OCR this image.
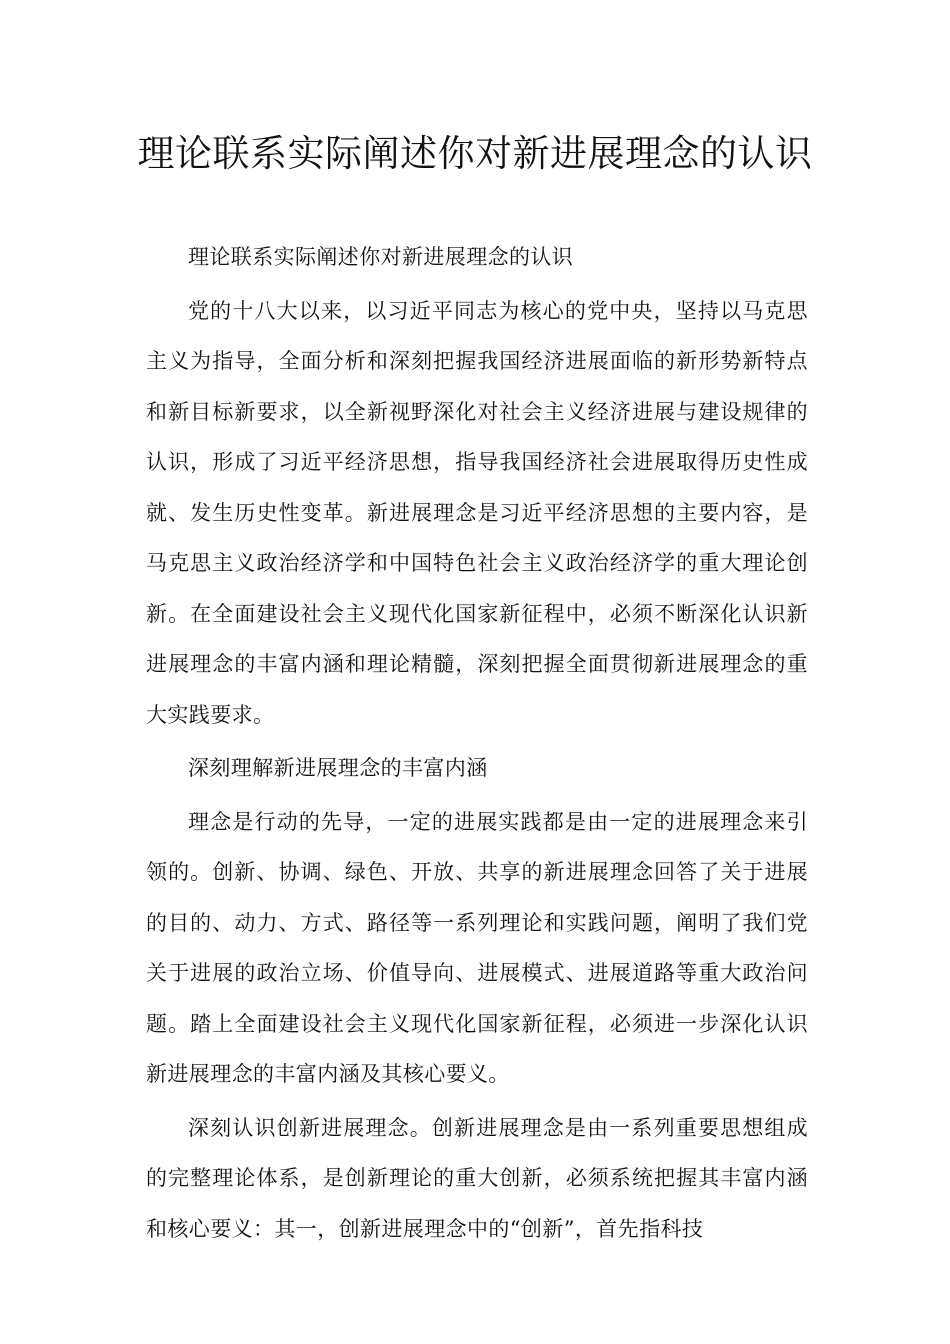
理论联系实际阐述你对新进展理念的认识

理论联系实际阐述你对新进展理念的认识

党的十八大以来，以习近平同志为核心的党中央，坚持以马克思主义为指导，全面分析和深刻把握我国经济进展面临的新形势新特点和新目标新要求，以全新视野深化对社会主义经济进展与建设规律的认识，形成了习近平经济思想，指导我国经济社会进展取得历史性成就、发生历史性变革。新进展理念是习近平经济思想的主要内容，是马克思主义政治经济学和中国特色社会主义政治经济学的重大理论创新。在全面建设社会主义现代化国家新征程中，必须不断深化认识新进展理念的丰富内涵和理论精髓，深刻把握全面贯彻新进展理念的重大实践要求。

深刻理解新进展理念的丰富内涵

理念是行动的先导，一定的进展实践都是由一定的进展理念来引领的。创新、协调、绿色、开放、共享的新进展理念回答了关于进展的目的、动力、方式、路径等一系列理论和实践问题，阐明了我们党关于进展的政治立场、价值导向、进展模式、进展道路等重大政治问题。踏上全面建设社会主义现代化国家新征程，必须进一步深化认识新进展理念的丰富内涵及其核心要义。

深刻认识创新进展理念。创新进展理念是由一系列重要思想组成的完整理论体系，是创新理论的重大创新，必须系统把握其丰富内涵和核心要义：其一，创新进展理念中的“创新”，首先指科技
